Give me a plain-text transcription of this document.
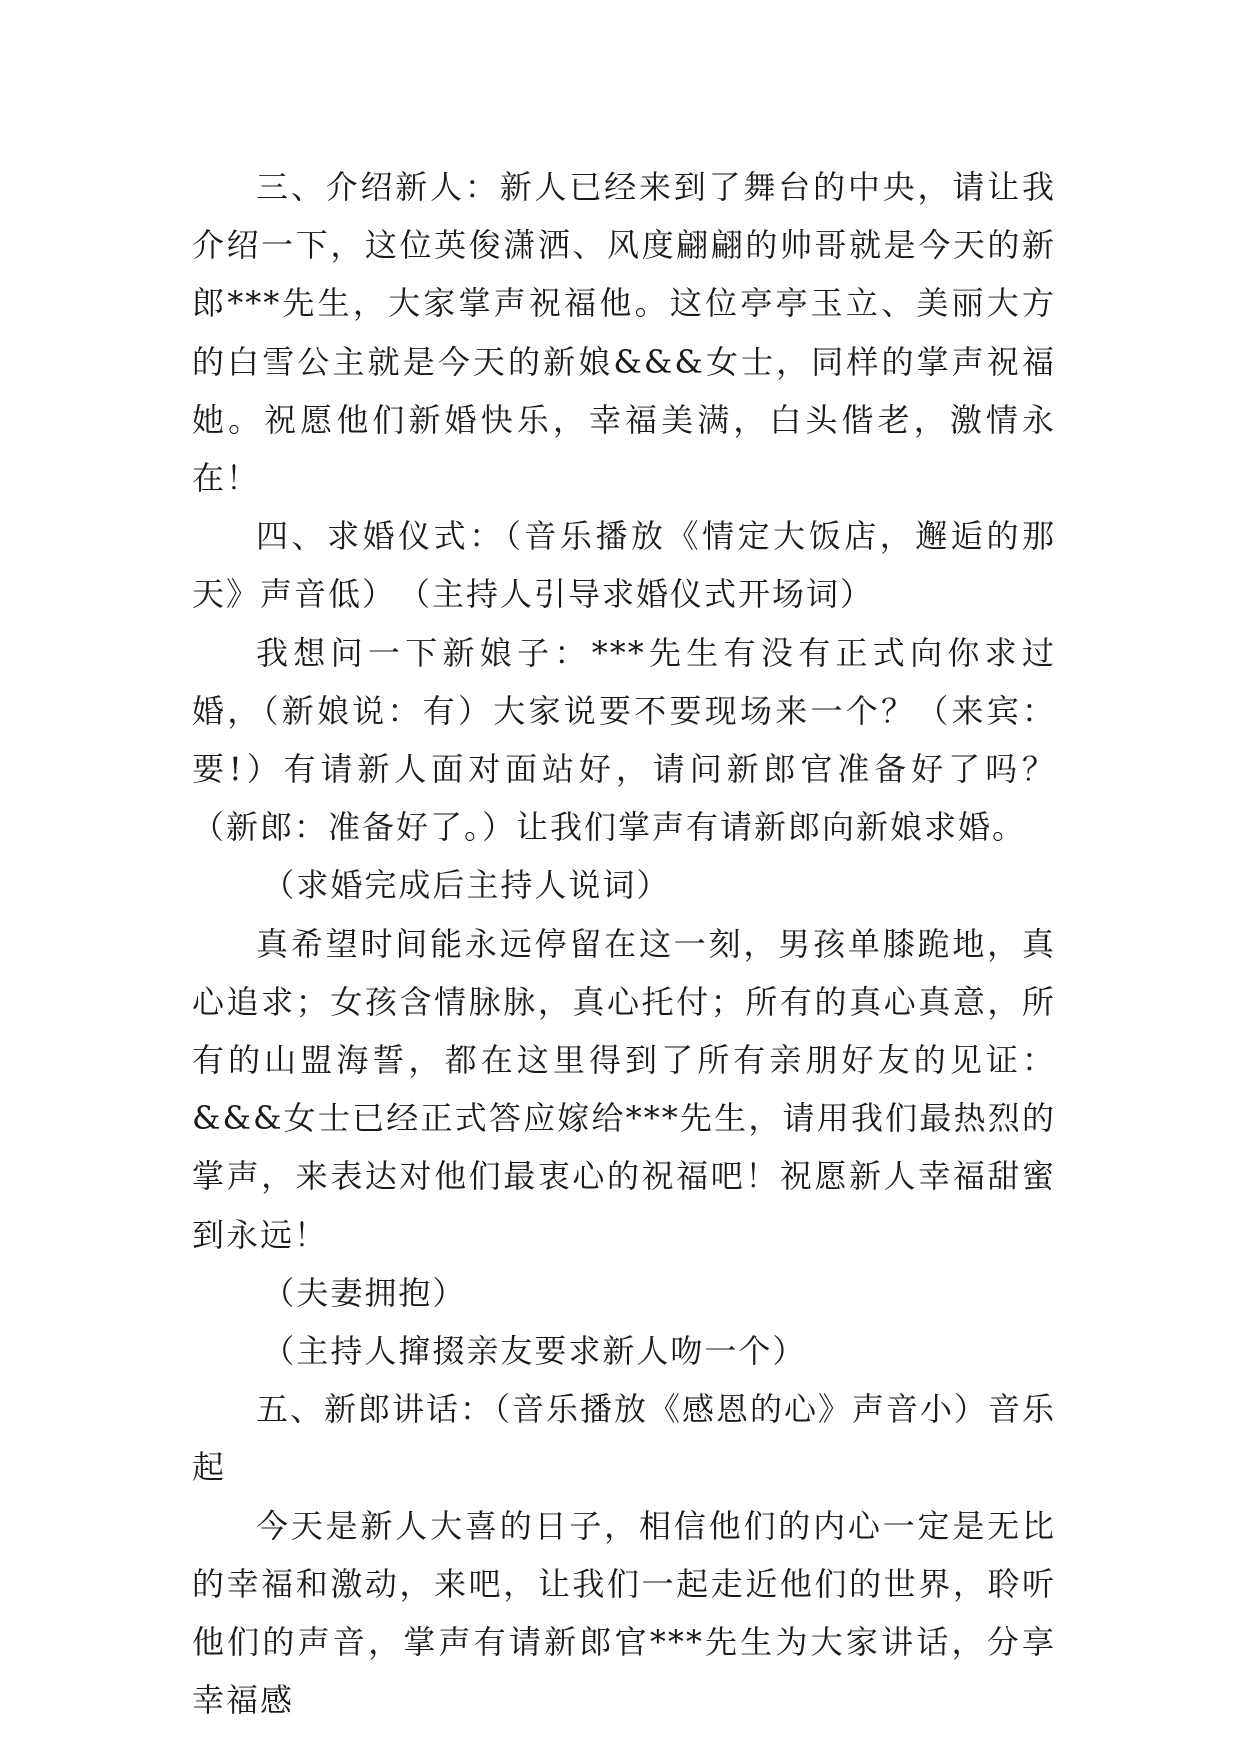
三、介绍新人：新人已经来到了舞台的中央，请让我介绍一下，这位英俊潇洒、风度翩翩的帅哥就是今天的新郎***先生，大家掌声祝福他。这位亭亭玉立、美丽大方的白雪公主就是今天的新娘&&&女士，同样的掌声祝福她。祝愿他们新婚快乐，幸福美满，白头偕老，激情永在！

四、求婚仪式：（音乐播放《情定大饭店，邂逅的那天》声音低）　（主持人引导求婚仪式开场词）

我想问一下新娘子：***先生有没有正式向你求过婚，（新娘说：有）大家说要不要现场来一个？（来宾：要!）有请新人面对面站好，请问新郎官准备好了吗？（新郎：准备好了。）让我们掌声有请新郎向新娘求婚。

（求婚完成后主持人说词）

真希望时间能永远停留在这一刻，男孩单膝跪地，真心追求；女孩含情脉脉，真心托付；所有的真心真意，所有的山盟海誓，都在这里得到了所有亲朋好友的见证：&&&女士已经正式答应嫁给***先生，请用我们最热烈的掌声，来表达对他们最衷心的祝福吧！祝愿新人幸福甜蜜到永远！

（夫妻拥抱）

（主持人撺掇亲友要求新人吻一个）

五、新郎讲话：（音乐播放《感恩的心》声音小）音乐起

今天是新人大喜的日子，相信他们的内心一定是无比的幸福和激动，来吧，让我们一起走近他们的世界，聆听他们的声音，掌声有请新郎官***先生为大家讲话，分享幸福感
